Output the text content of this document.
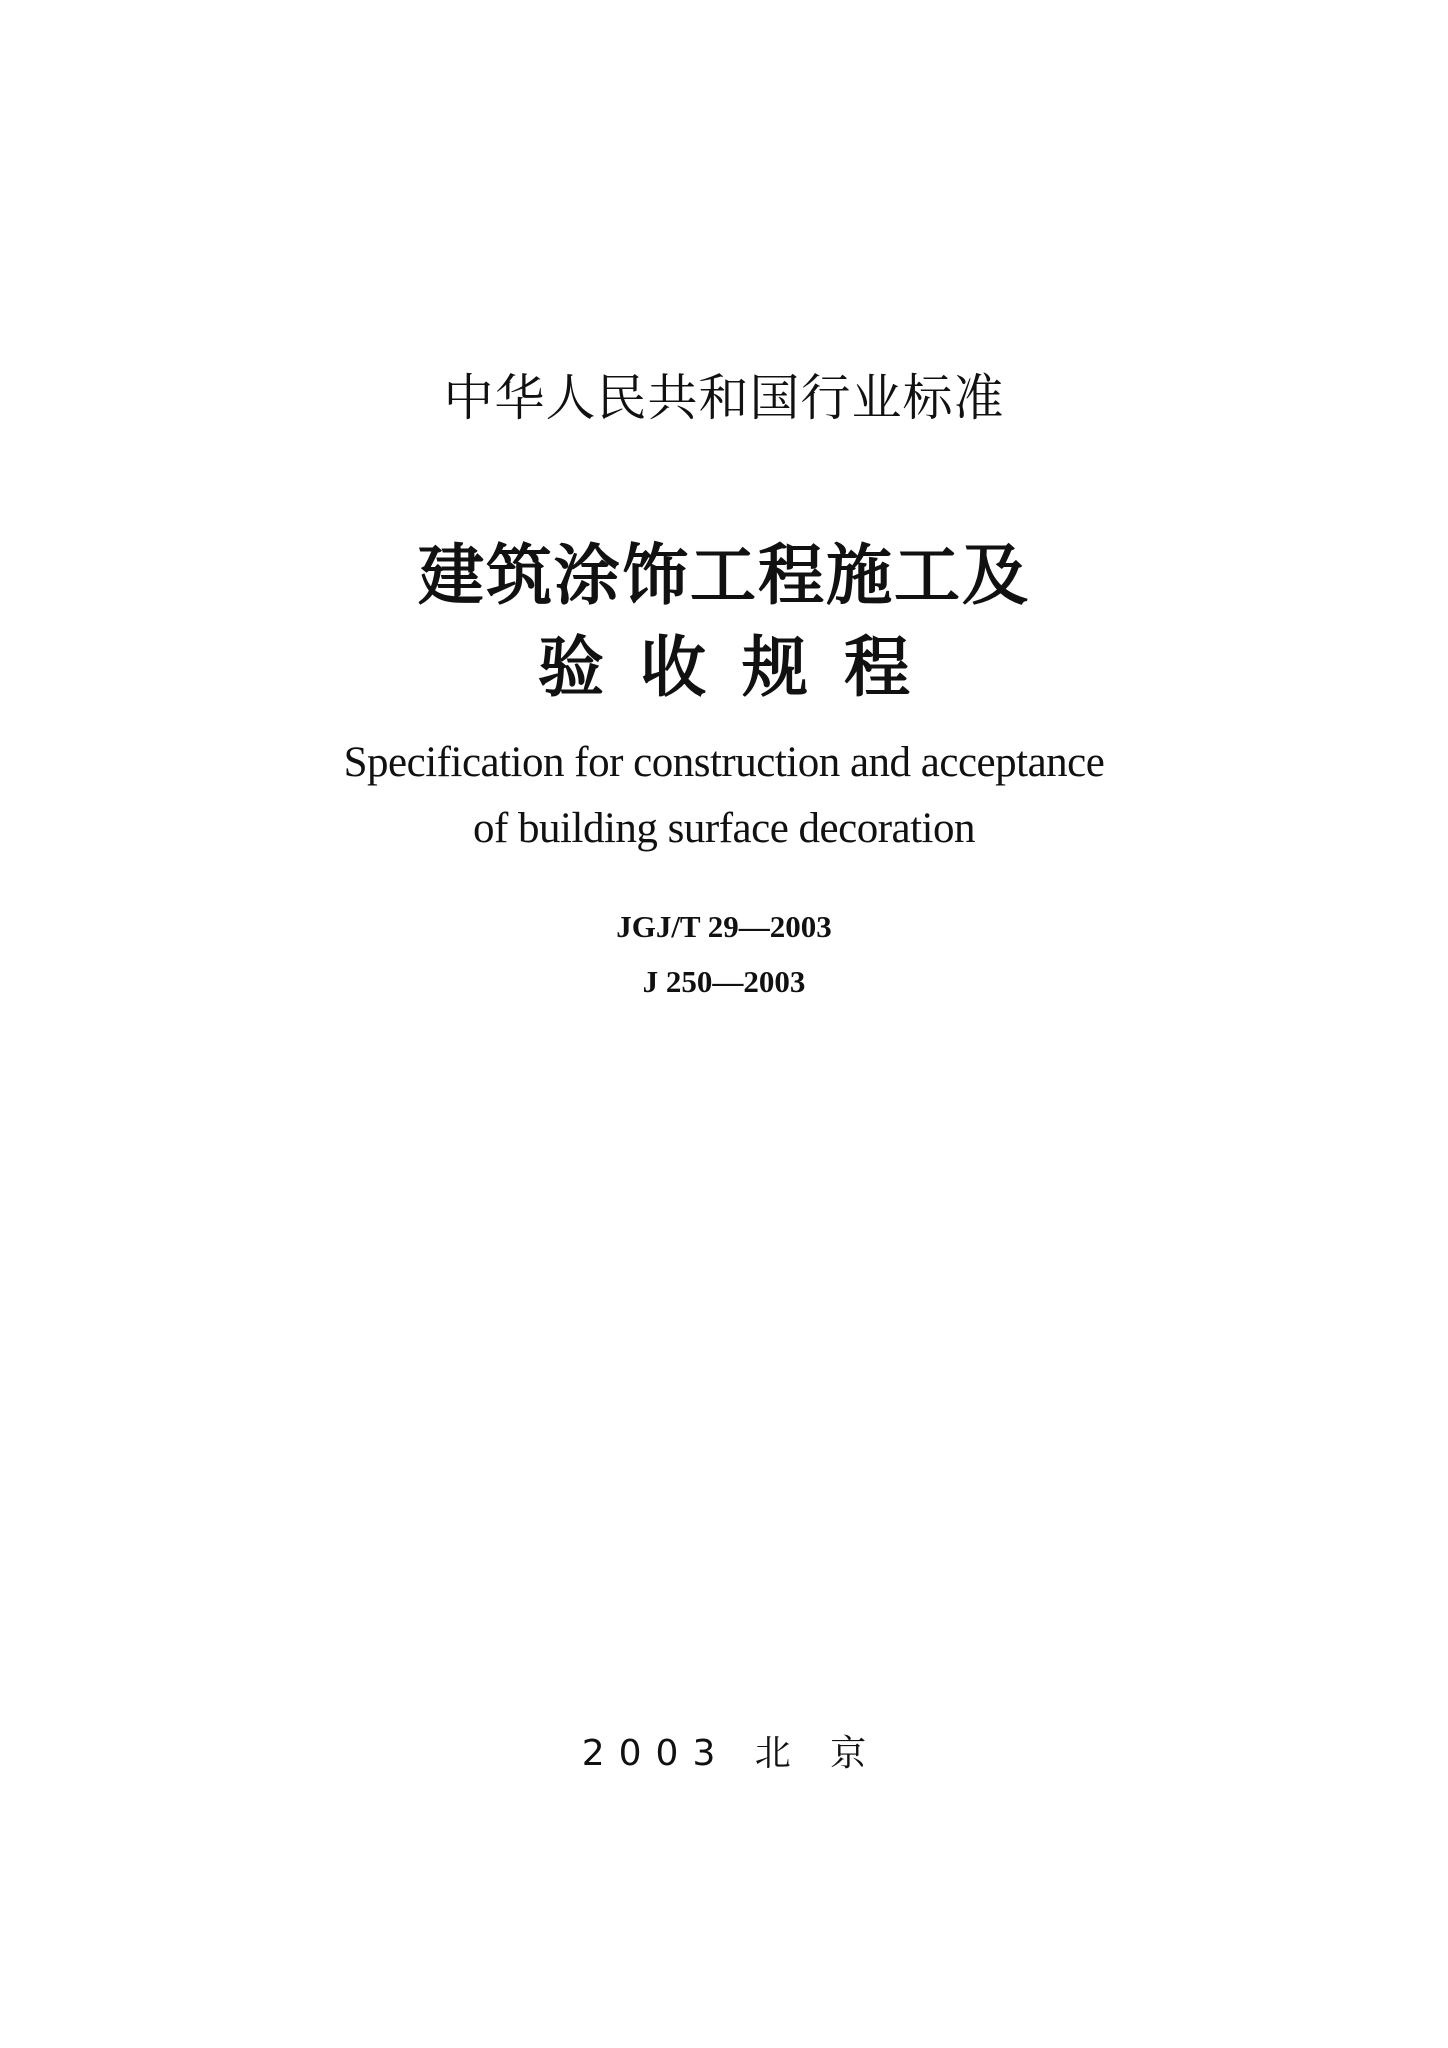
中华人民共和国行业标准
建筑涂饰工程施工及
验收规程
Specification for construction and acceptance
of building surface decoration
JGJ/T 29—2003
J 250—2003
2003 北 京
